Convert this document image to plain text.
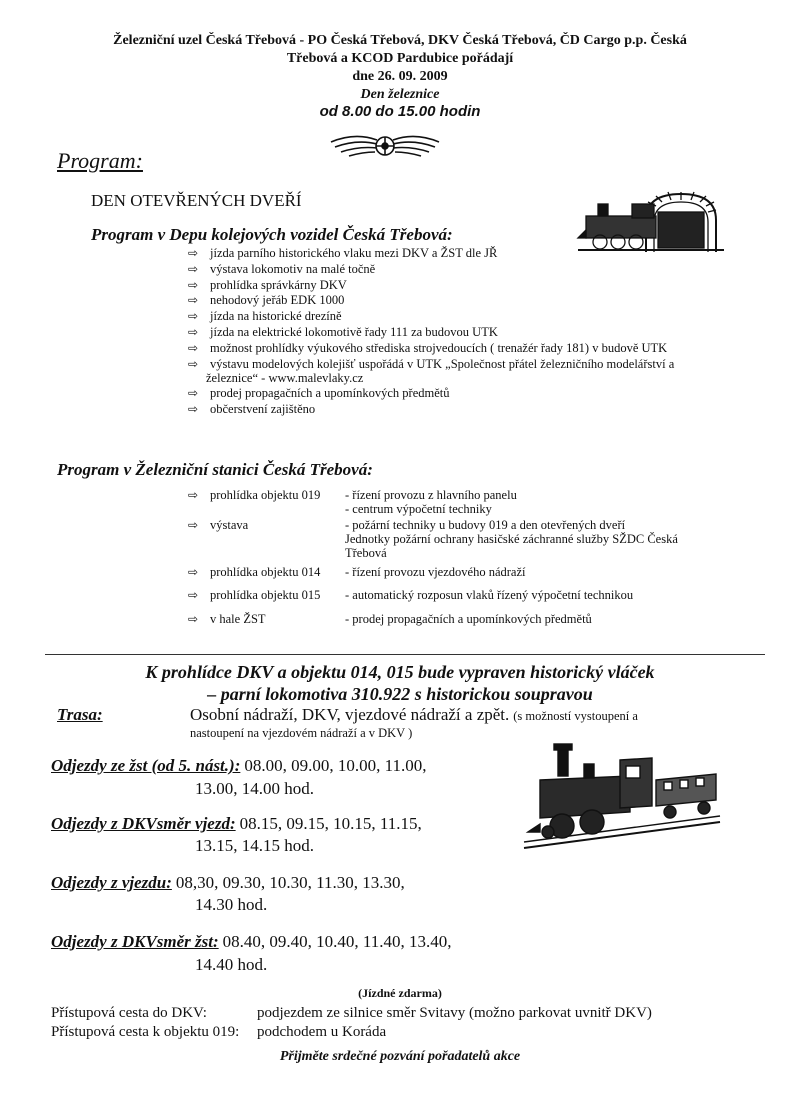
Železniční uzel Česká Třebová - PO Česká Třebová, DKV Česká Třebová, ČD Cargo p.p. Česká
Třebová a KCOD Pardubice pořádají
dne 26. 09. 2009
Den železnice
od 8.00 do 15.00 hodin
Program:
DEN OTEVŘENÝCH DVEŘÍ
Program v Depu kolejových vozidel Česká Třebová:
⇨ jízda parního historického vlaku mezi DKV a ŽST dle JŘ
⇨ výstava lokomotiv na malé točně
⇨ prohlídka správkárny DKV
⇨ nehodový jeřáb EDK 1000
⇨ jízda na historické drezíně
⇨ jízda na elektrické lokomotivě řady 111 za budovou UTK
⇨ možnost prohlídky výukového střediska strojvedoucích ( trenažér řady 181) v budově UTK
⇨ výstavu modelových kolejišť uspořádá v UTK „Společnost přátel železničního modelářství a
železnice“ - www.malevlaky.cz
⇨ prodej propagačních a upomínkových předmětů
⇨ občerstvení zajištěno
Program v Železniční stanici Česká Třebová:
⇨ prohlídka objektu 019 - řízení provozu z hlavního panelu
- centrum výpočetní techniky
⇨ výstava	- požární techniky u budovy 019 a den otevřených dveří
Jednotky požární ochrany hasičské záchranné služby SŽDC Česká
Třebová
⇨ prohlídka objektu 014 - řízení provozu vjezdového nádraží
⇨ prohlídka objektu 015 - automatický rozposun vlaků řízený výpočetní technikou
⇨ v hale ŽST	- prodej propagačních a upomínkových předmětů
K prohlídce DKV a objektu 014, 015 bude vypraven historický vláček
– parní lokomotiva 310.922 s historickou soupravou
Trasa:	Osobní nádraží, DKV, vjezdové nádraží a zpět. (s možností vystoupení a
nastoupení na vjezdovém nádraží a v DKV )
Odjezdy ze žst (od 5. nást.): 08.00, 09.00, 10.00, 11.00,
13.00, 14.00 hod.
Odjezdy z DKVsměr vjezd: 08.15, 09.15, 10.15, 11.15,
13.15, 14.15 hod.
Odjezdy z vjezdu: 08,30, 09.30, 10.30, 11.30, 13.30,
14.30 hod.
Odjezdy z DKVsměr žst: 08.40, 09.40, 10.40, 11.40, 13.40,
14.40 hod.
(Jízdné zdarma)
Přístupová cesta do DKV:	podjezdem ze silnice směr Svitavy (možno parkovat uvnitř DKV)
Přístupová cesta k objektu 019: podchodem u Koráda
Přijměte srdečné pozvání pořadatelů akce
